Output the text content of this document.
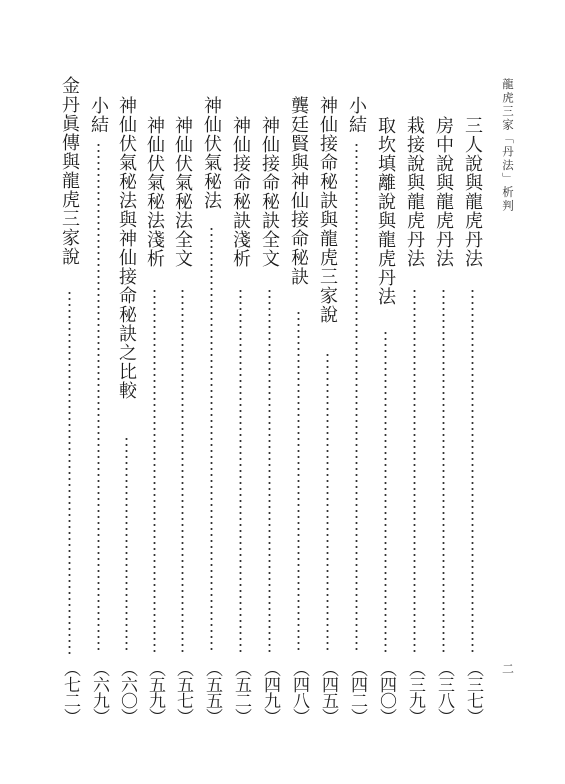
龍虎三家「丹法」析判
二
三人說與龍虎丹法
（三七）
房中說與龍虎丹法
（三八）
栽接說與龍虎丹法
（三九）
取坎填離說與龍虎丹法
（四〇）
小結
（四二）
神仙接命秘訣與龍虎三家說
（四五）
龔廷賢與神仙接命秘訣
（四八）
神仙接命秘訣全文
（四九）
神仙接命秘訣淺析
（五二）
神仙伏氣秘法
（五五）
神仙伏氣秘法全文
（五七）
神仙伏氣秘法淺析
（五九）
神仙伏氣秘法與神仙接命秘訣之比較
（六〇）
小結
（六九）
金丹眞傳與龍虎三家說
（七二）
